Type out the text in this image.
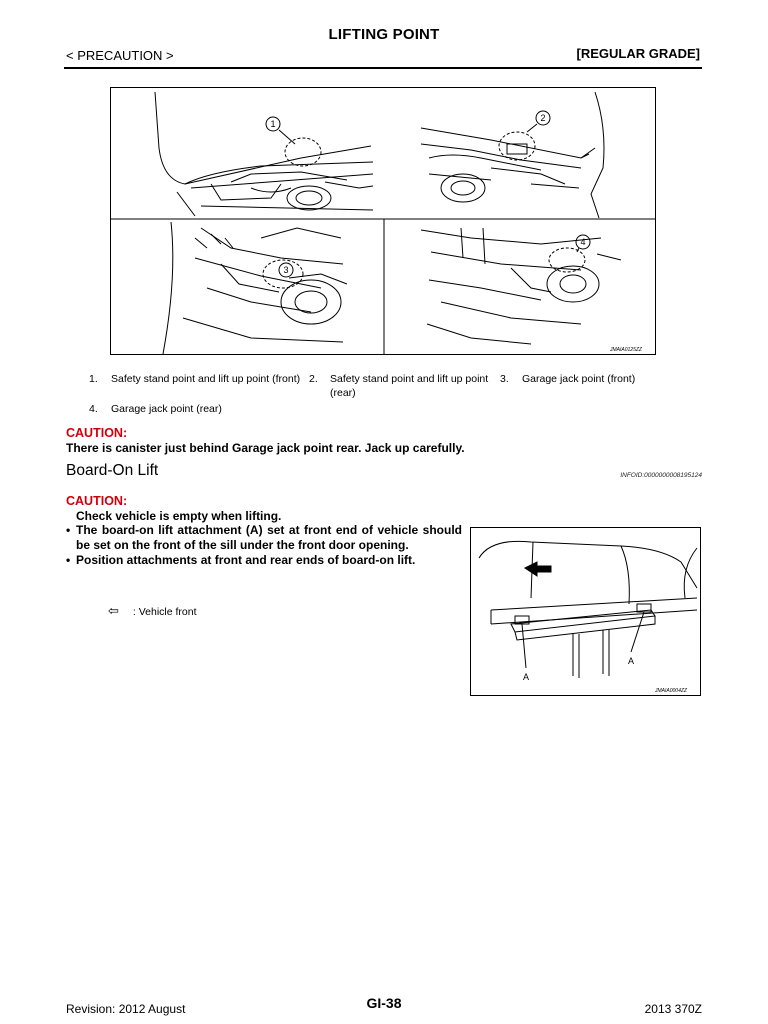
LIFTING POINT
< PRECAUTION >	[REGULAR GRADE]
1
2
3
4
JMAIA0125ZZ
1. Safety stand point and lift up point (front) 2. Safety stand point and lift up point (rear)
3. Garage jack point (front)
4. Garage jack point (rear)
CAUTION:
There is canister just behind Garage jack point rear. Jack up carefully.
Board-On Lift	INFOID:0000000008195124
CAUTION:
Check vehicle is empty when lifting.
• The board-on lift attachment (A) set at front end of vehicle should be set on the front of the sill under the front door opening.
• Position attachments at front and rear ends of board-on lift.
⇦ : Vehicle front
A
A
JMAIA0004ZZ
Revision: 2012 August	GI-38	2013 370Z
